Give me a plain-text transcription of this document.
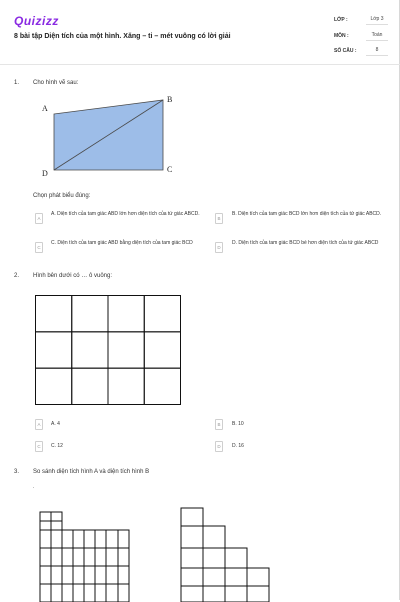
Quizizz
8 bài tập Diện tích của một hình. Xăng – ti – mét vuông có lời giải
LỚP :	Lớp 3
MÔN :	Toán
SỐ CÂU :	8
1. Cho hình vẽ sau:
A
B
C
D
Chọn phát biểu đúng:
A
A. Diện tích của tam giác ABD lớn hơn diện tích của tứ giác ABCD.
B
B. Diện tích của tam giác BCD lớn hơn diện tích của tứ giác ABCD.
C
C. Diện tích của tam giác ABD bằng diện tích của tam giác BCD
D
D. Diện tích của tam giác BCD bé hơn diện tích của tứ giác ABCD
2. Hình bên dưới có … ô vuông:
A	A. 4	B	B. 10
C	C. 12	D	D. 16
3. So sánh diện tích hình A và diện tích hình B
.
